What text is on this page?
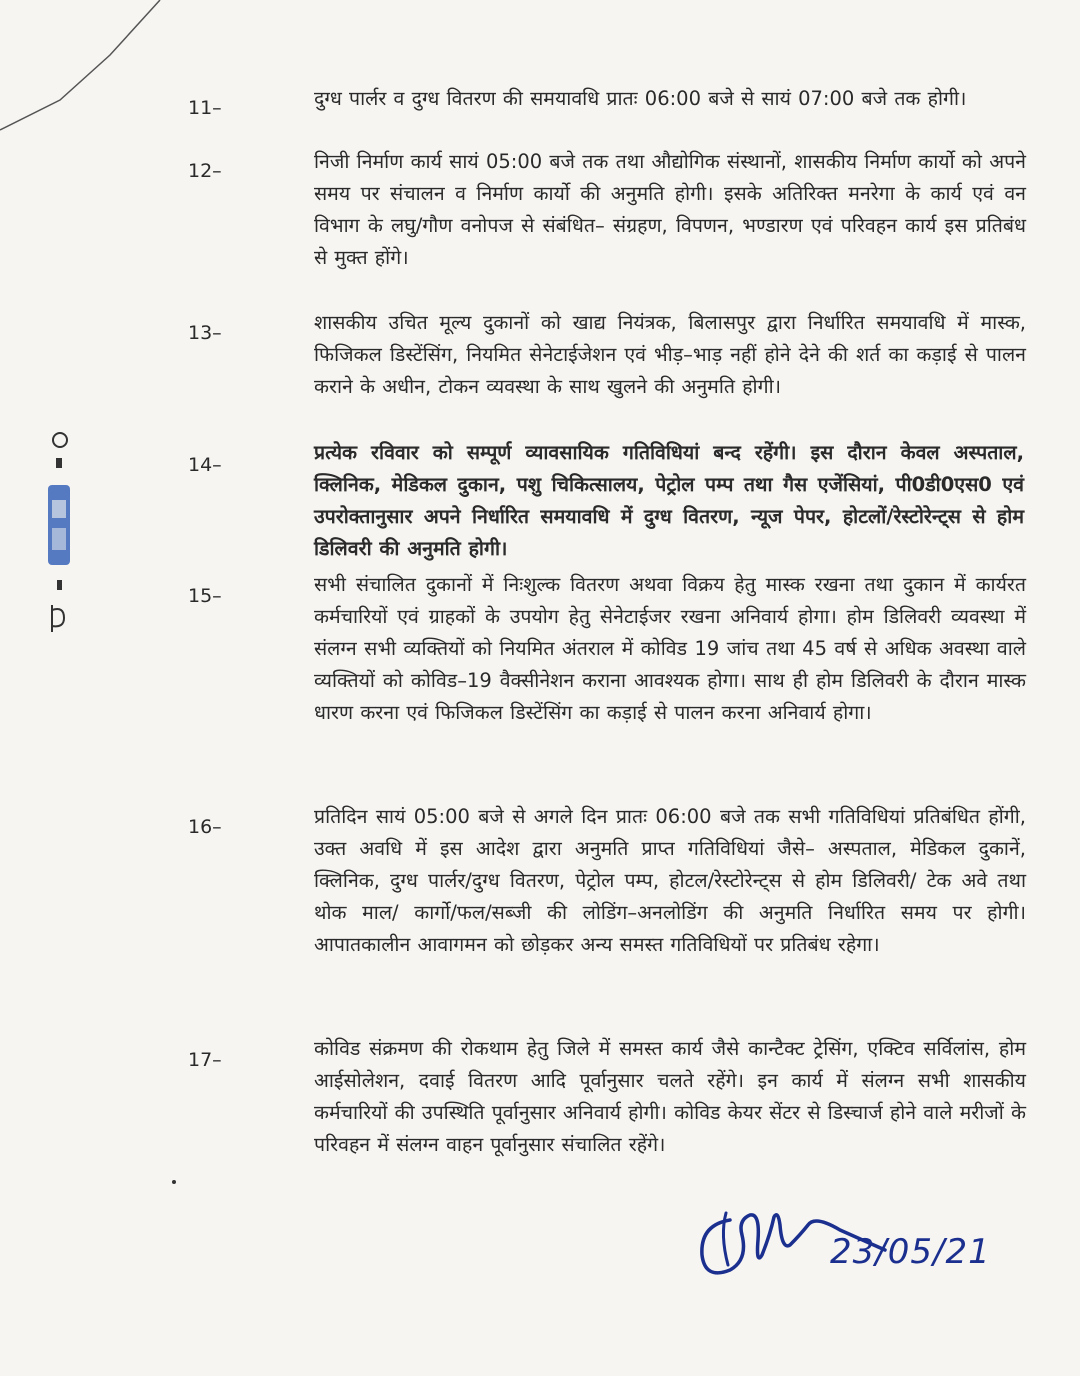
11–	दुग्ध पार्लर व दुग्ध वितरण की समयावधि प्रातः 06:00 बजे से सायं 07:00 बजे तक होगी।
12–	निजी निर्माण कार्य सायं 05:00 बजे तक तथा औद्योगिक संस्थानों, शासकीय निर्माण कार्यो को अपने समय पर संचालन व निर्माण कार्यो की अनुमति होगी। इसके अतिरिक्त मनरेगा के कार्य एवं वन विभाग के लघु/गौण वनोपज से संबंधित– संग्रहण, विपणन, भण्डारण एवं परिवहन कार्य इस प्रतिबंध से मुक्त होंगे।
13–	शासकीय उचित मूल्य दुकानों को खाद्य नियंत्रक, बिलासपुर द्वारा निर्धारित समयावधि में मास्क, फिजिकल डिस्टेंसिंग, नियमित सेनेटाईजेशन एवं भीड़–भाड़ नहीं होने देने की शर्त का कड़ाई से पालन कराने के अधीन, टोकन व्यवस्था के साथ खुलने की अनुमति होगी।
14–
प्रत्येक रविवार को सम्पूर्ण व्यावसायिक गतिविधियां बन्द रहेंगी। इस दौरान केवल अस्पताल, क्लिनिक, मेडिकल दुकान, पशु चिकित्सालय, पेट्रोल पम्प तथा गैस एजेंसियां, पी0डी0एस0 एवं उपरोक्तानुसार अपने निर्धारित समयावधि में दुग्ध वितरण, न्यूज पेपर, होटलों/रेस्टोरेन्ट्स से होम डिलिवरी की अनुमति होगी।
15–	सभी संचालित दुकानों में निःशुल्क वितरण अथवा विक्रय हेतु मास्क रखना तथा दुकान में कार्यरत कर्मचारियों एवं ग्राहकों के उपयोग हेतु सेनेटाईजर रखना अनिवार्य होगा। होम डिलिवरी व्यवस्था में संलग्न सभी व्यक्तियों को नियमित अंतराल में कोविड 19 जांच तथा 45 वर्ष से अधिक अवस्था वाले व्यक्तियों को कोविड–19 वैक्सीनेशन कराना आवश्यक होगा। साथ ही होम डिलिवरी के दौरान मास्क धारण करना एवं फिजिकल डिस्टेंसिंग का कड़ाई से पालन करना अनिवार्य होगा।
16–	प्रतिदिन सायं 05:00 बजे से अगले दिन प्रातः 06:00 बजे तक सभी गतिविधियां प्रतिबंधित होंगी, उक्त अवधि में इस आदेश द्वारा अनुमति प्राप्त गतिविधियां जैसे– अस्पताल, मेडिकल दुकानें, क्लिनिक, दुग्ध पार्लर/दुग्ध वितरण, पेट्रोल पम्प, होटल/रेस्टोरेन्ट्स से होम डिलिवरी/ टेक अवे तथा थोक माल/ कार्गो/फल/सब्जी की लोडिंग–अनलोडिंग की अनुमति निर्धारित समय पर होगी। आपातकालीन आवागमन को छोड़कर अन्य समस्त गतिविधियों पर प्रतिबंध रहेगा।
17–	कोविड संक्रमण की रोकथाम हेतु जिले में समस्त कार्य जैसे कान्टैक्ट ट्रेसिंग, एक्टिव सर्विलांस, होम आईसोलेशन, दवाई वितरण आदि पूर्वानुसार चलते रहेंगे। इन कार्य में संलग्न सभी शासकीय कर्मचारियों की उपस्थिति पूर्वानुसार अनिवार्य होगी। कोविड केयर सेंटर से डिस्चार्ज होने वाले मरीजों के परिवहन में संलग्न वाहन पूर्वानुसार संचालित रहेंगे।
23/05/21
